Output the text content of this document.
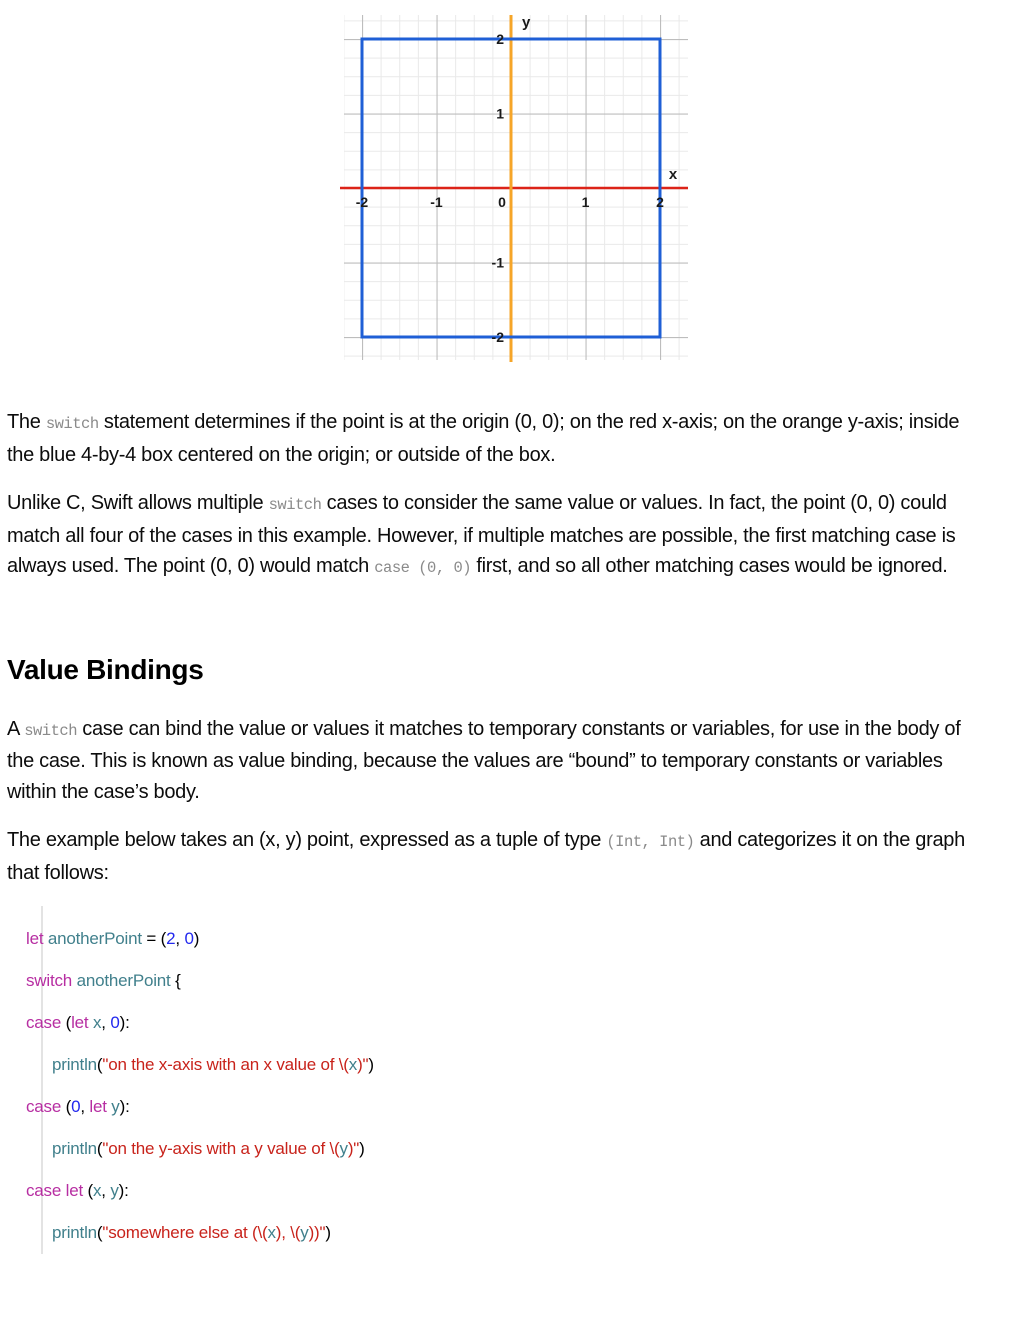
-2	-1	0	1	2
2
1
-1
-2
y
x

The switch statement determines if the point is at the origin (0, 0); on the red x-axis; on the orange y-axis; inside the blue 4-by-4 box centered on the origin; or outside of the box.

Unlike C, Swift allows multiple switch cases to consider the same value or values. In fact, the point (0, 0) could match all four of the cases in this example. However, if multiple matches are possible, the first matching case is always used. The point (0, 0) would match case (0, 0) first, and so all other matching cases would be ignored.

Value Bindings

A switch case can bind the value or values it matches to temporary constants or variables, for use in the body of the case. This is known as value binding, because the values are “bound” to temporary constants or variables within the case’s body.

The example below takes an (x, y) point, expressed as a tuple of type (Int, Int) and categorizes it on the graph that follows:

let anotherPoint = (2, 0)
switch anotherPoint {
case (let x, 0):
println("on the x-axis with an x value of \(x)")
case (0, let y):
println("on the y-axis with a y value of \(y)")
case let (x, y):
println("somewhere else at (\(x), \(y))")
